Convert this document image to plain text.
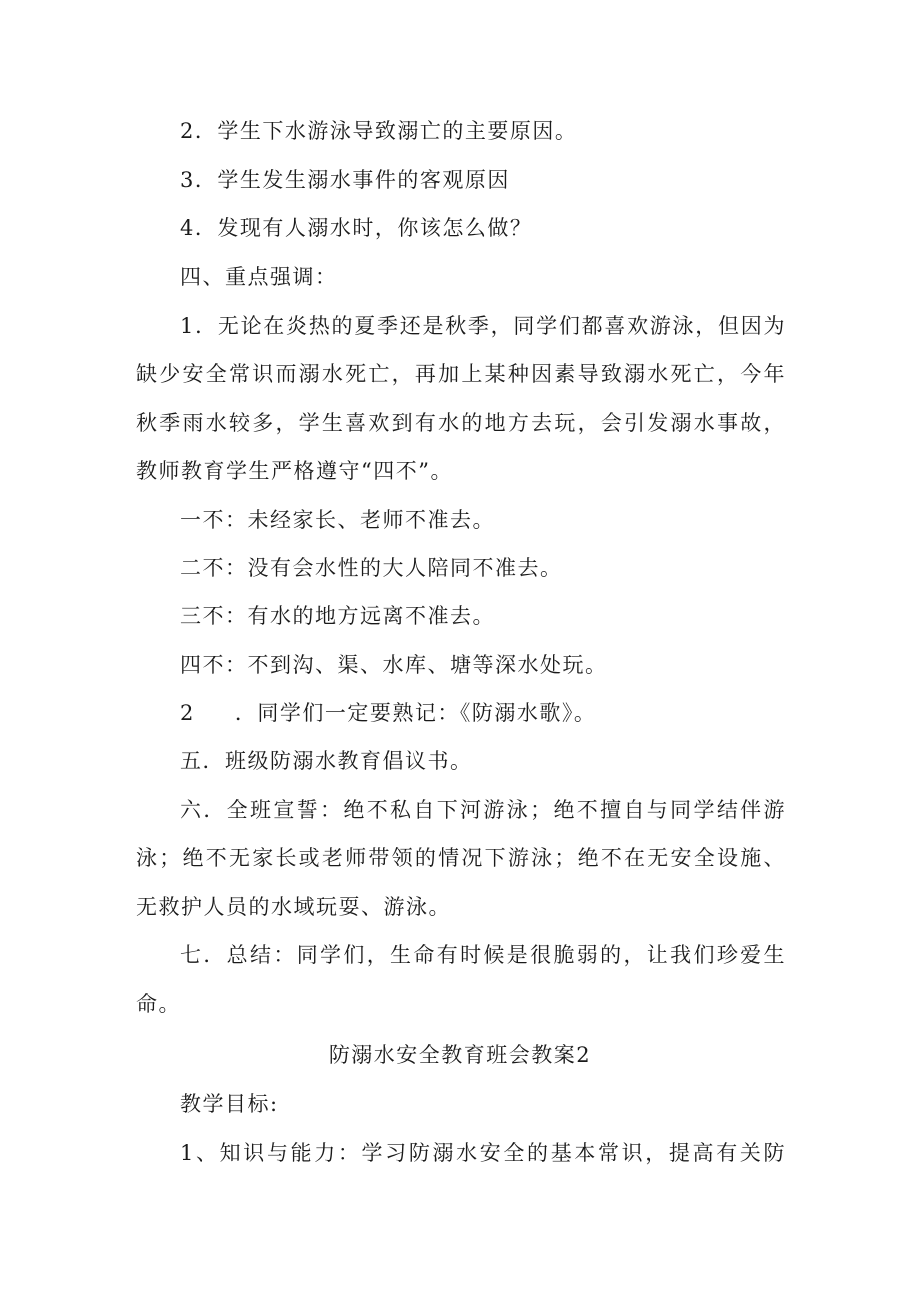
2．学生下水游泳导致溺亡的主要原因。
3．学生发生溺水事件的客观原因
4．发现有人溺水时，你该怎么做？
四、重点强调：
1．无论在炎热的夏季还是秋季，同学们都喜欢游泳，但因为
缺少安全常识而溺水死亡，再加上某种因素导致溺水死亡，今年
秋季雨水较多，学生喜欢到有水的地方去玩，会引发溺水事故，
教师教育学生严格遵守“四不”。
一不：未经家长、老师不准去。
二不：没有会水性的大人陪同不准去。
三不：有水的地方远离不准去。
四不：不到沟、渠、水库、塘等深水处玩。
2 ．同学们一定要熟记：《防溺水歌》。
五．班级防溺水教育倡议书。
六．全班宣誓：绝不私自下河游泳；绝不擅自与同学结伴游
泳；绝不无家长或老师带领的情况下游泳；绝不在无安全设施、
无救护人员的水域玩耍、游泳。
七．总结：同学们，生命有时候是很脆弱的，让我们珍爱生
命。
防溺水安全教育班会教案2
教学目标:
1、知识与能力：学习防溺水安全的基本常识，提高有关防
